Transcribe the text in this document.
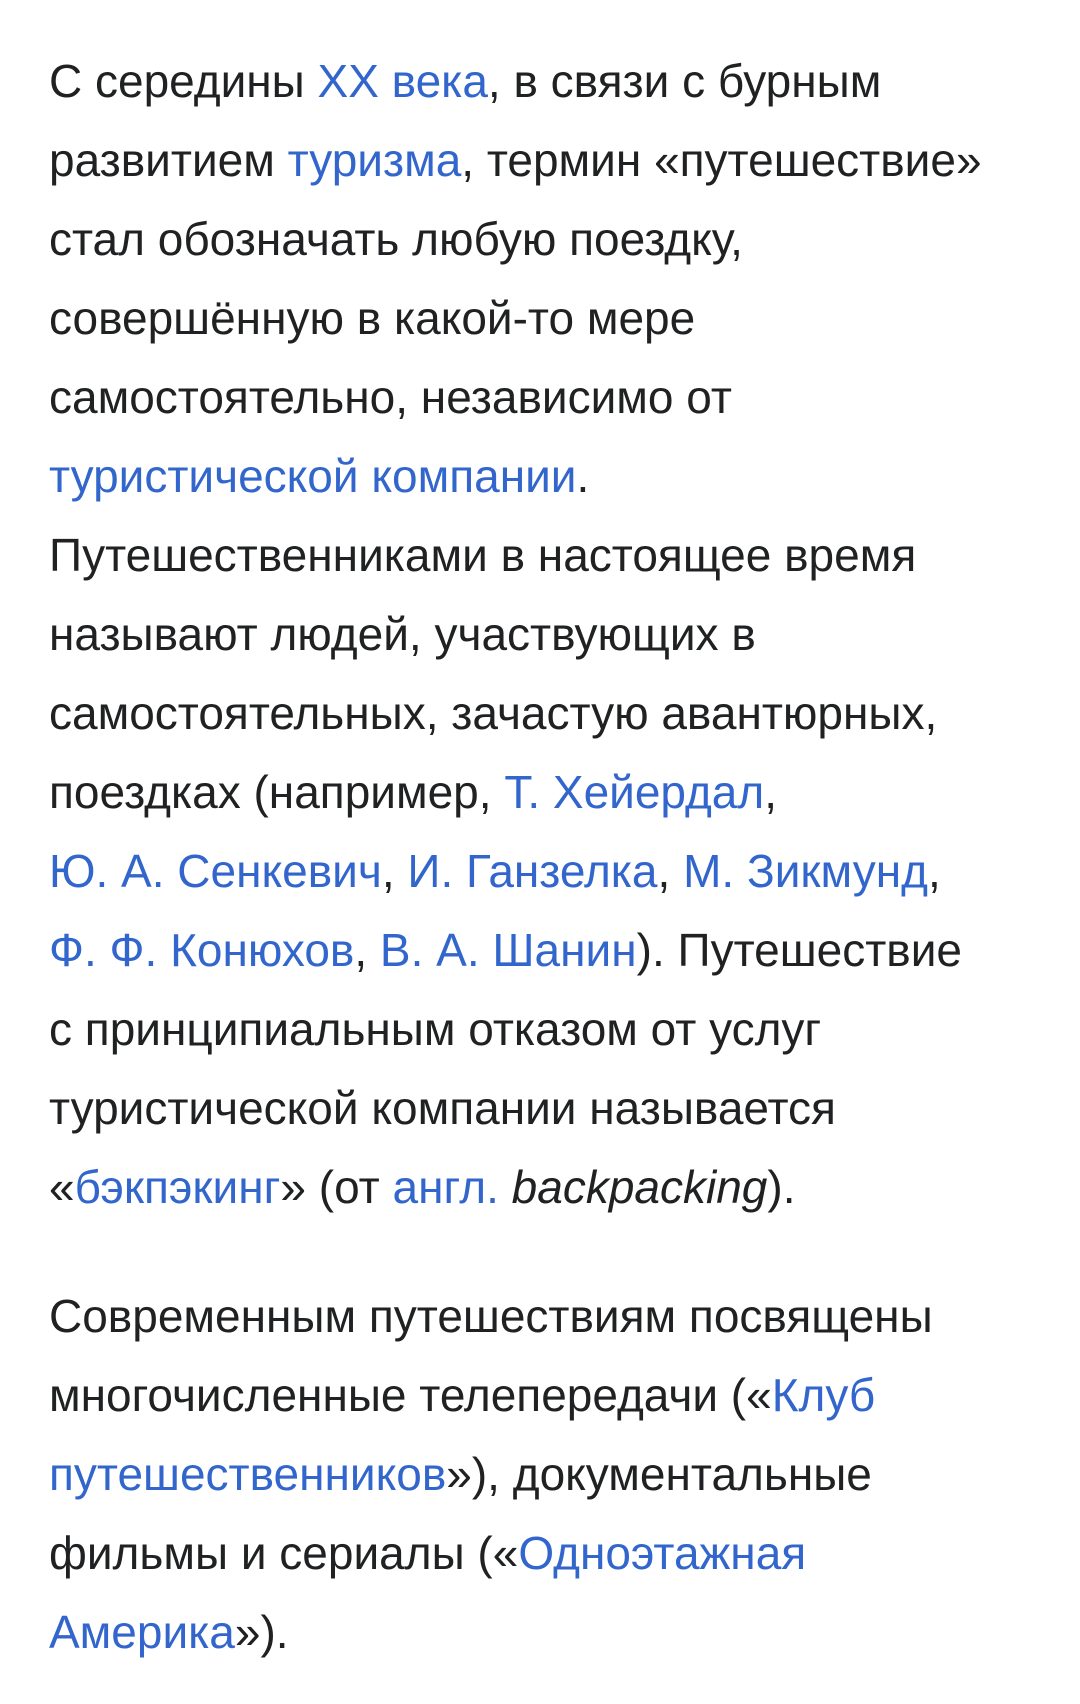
С середины XX века, в связи с бурным
развитием туризма, термин «путешествие»
стал обозначать любую поездку,
совершённую в какой-то мере
самостоятельно, независимо от
туристической компании.
Путешественниками в настоящее время
называют людей, участвующих в
самостоятельных, зачастую авантюрных,
поездках (например, Т. Хейердал,
Ю. А. Сенкевич, И. Ганзелка, М. Зикмунд,
Ф. Ф. Конюхов, В. А. Шанин). Путешествие
с принципиальным отказом от услуг
туристической компании называется
«бэкпэкинг» (от англ. backpacking).

Современным путешествиям посвящены
многочисленные телепередачи («Клуб
путешественников»), документальные
фильмы и сериалы («Одноэтажная
Америка»).
